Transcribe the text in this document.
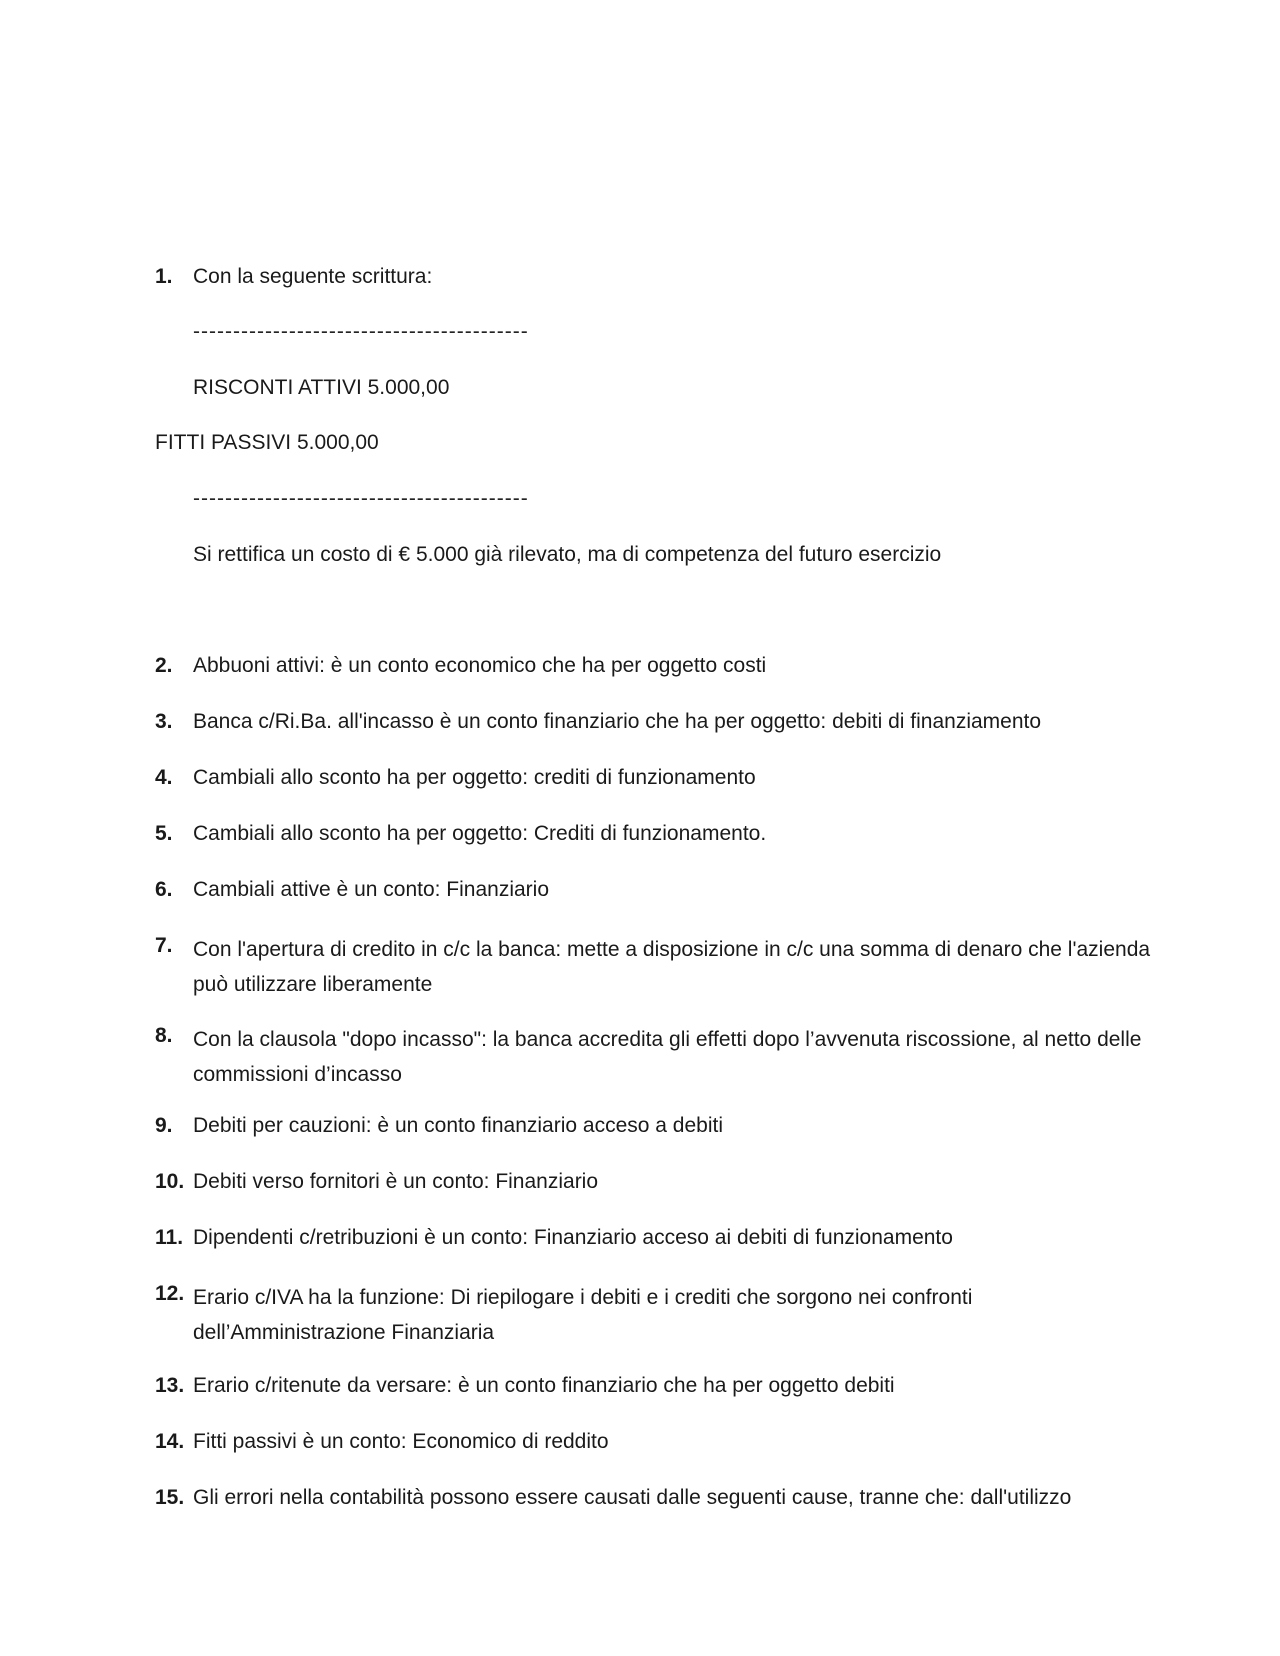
1. Con la seguente scrittura:
------------------------------------------
RISCONTI ATTIVI 5.000,00
FITTI PASSIVI 5.000,00
------------------------------------------
Si rettifica un costo di € 5.000 già rilevato, ma di competenza del futuro esercizio
2. Abbuoni attivi: è un conto economico che ha per oggetto costi
3. Banca c/Ri.Ba. all'incasso è un conto finanziario che ha per oggetto: debiti di finanziamento
4. Cambiali allo sconto ha per oggetto: crediti di funzionamento
5. Cambiali allo sconto ha per oggetto: Crediti di funzionamento.
6. Cambiali attive è un conto: Finanziario
7. Con l'apertura di credito in c/c la banca: mette a disposizione in c/c una somma di denaro che l'azienda può utilizzare liberamente
8. Con la clausola "dopo incasso": la banca accredita gli effetti dopo l’avvenuta riscossione, al netto delle commissioni d’incasso
9. Debiti per cauzioni: è un conto finanziario acceso a debiti
10. Debiti verso fornitori è un conto: Finanziario
11. Dipendenti c/retribuzioni è un conto: Finanziario acceso ai debiti di funzionamento
12. Erario c/IVA ha la funzione: Di riepilogare i debiti e i crediti che sorgono nei confronti dell’Amministrazione Finanziaria
13. Erario c/ritenute da versare: è un conto finanziario che ha per oggetto debiti
14. Fitti passivi è un conto: Economico di reddito
15. Gli errori nella contabilità possono essere causati dalle seguenti cause, tranne che: dall'utilizzo
